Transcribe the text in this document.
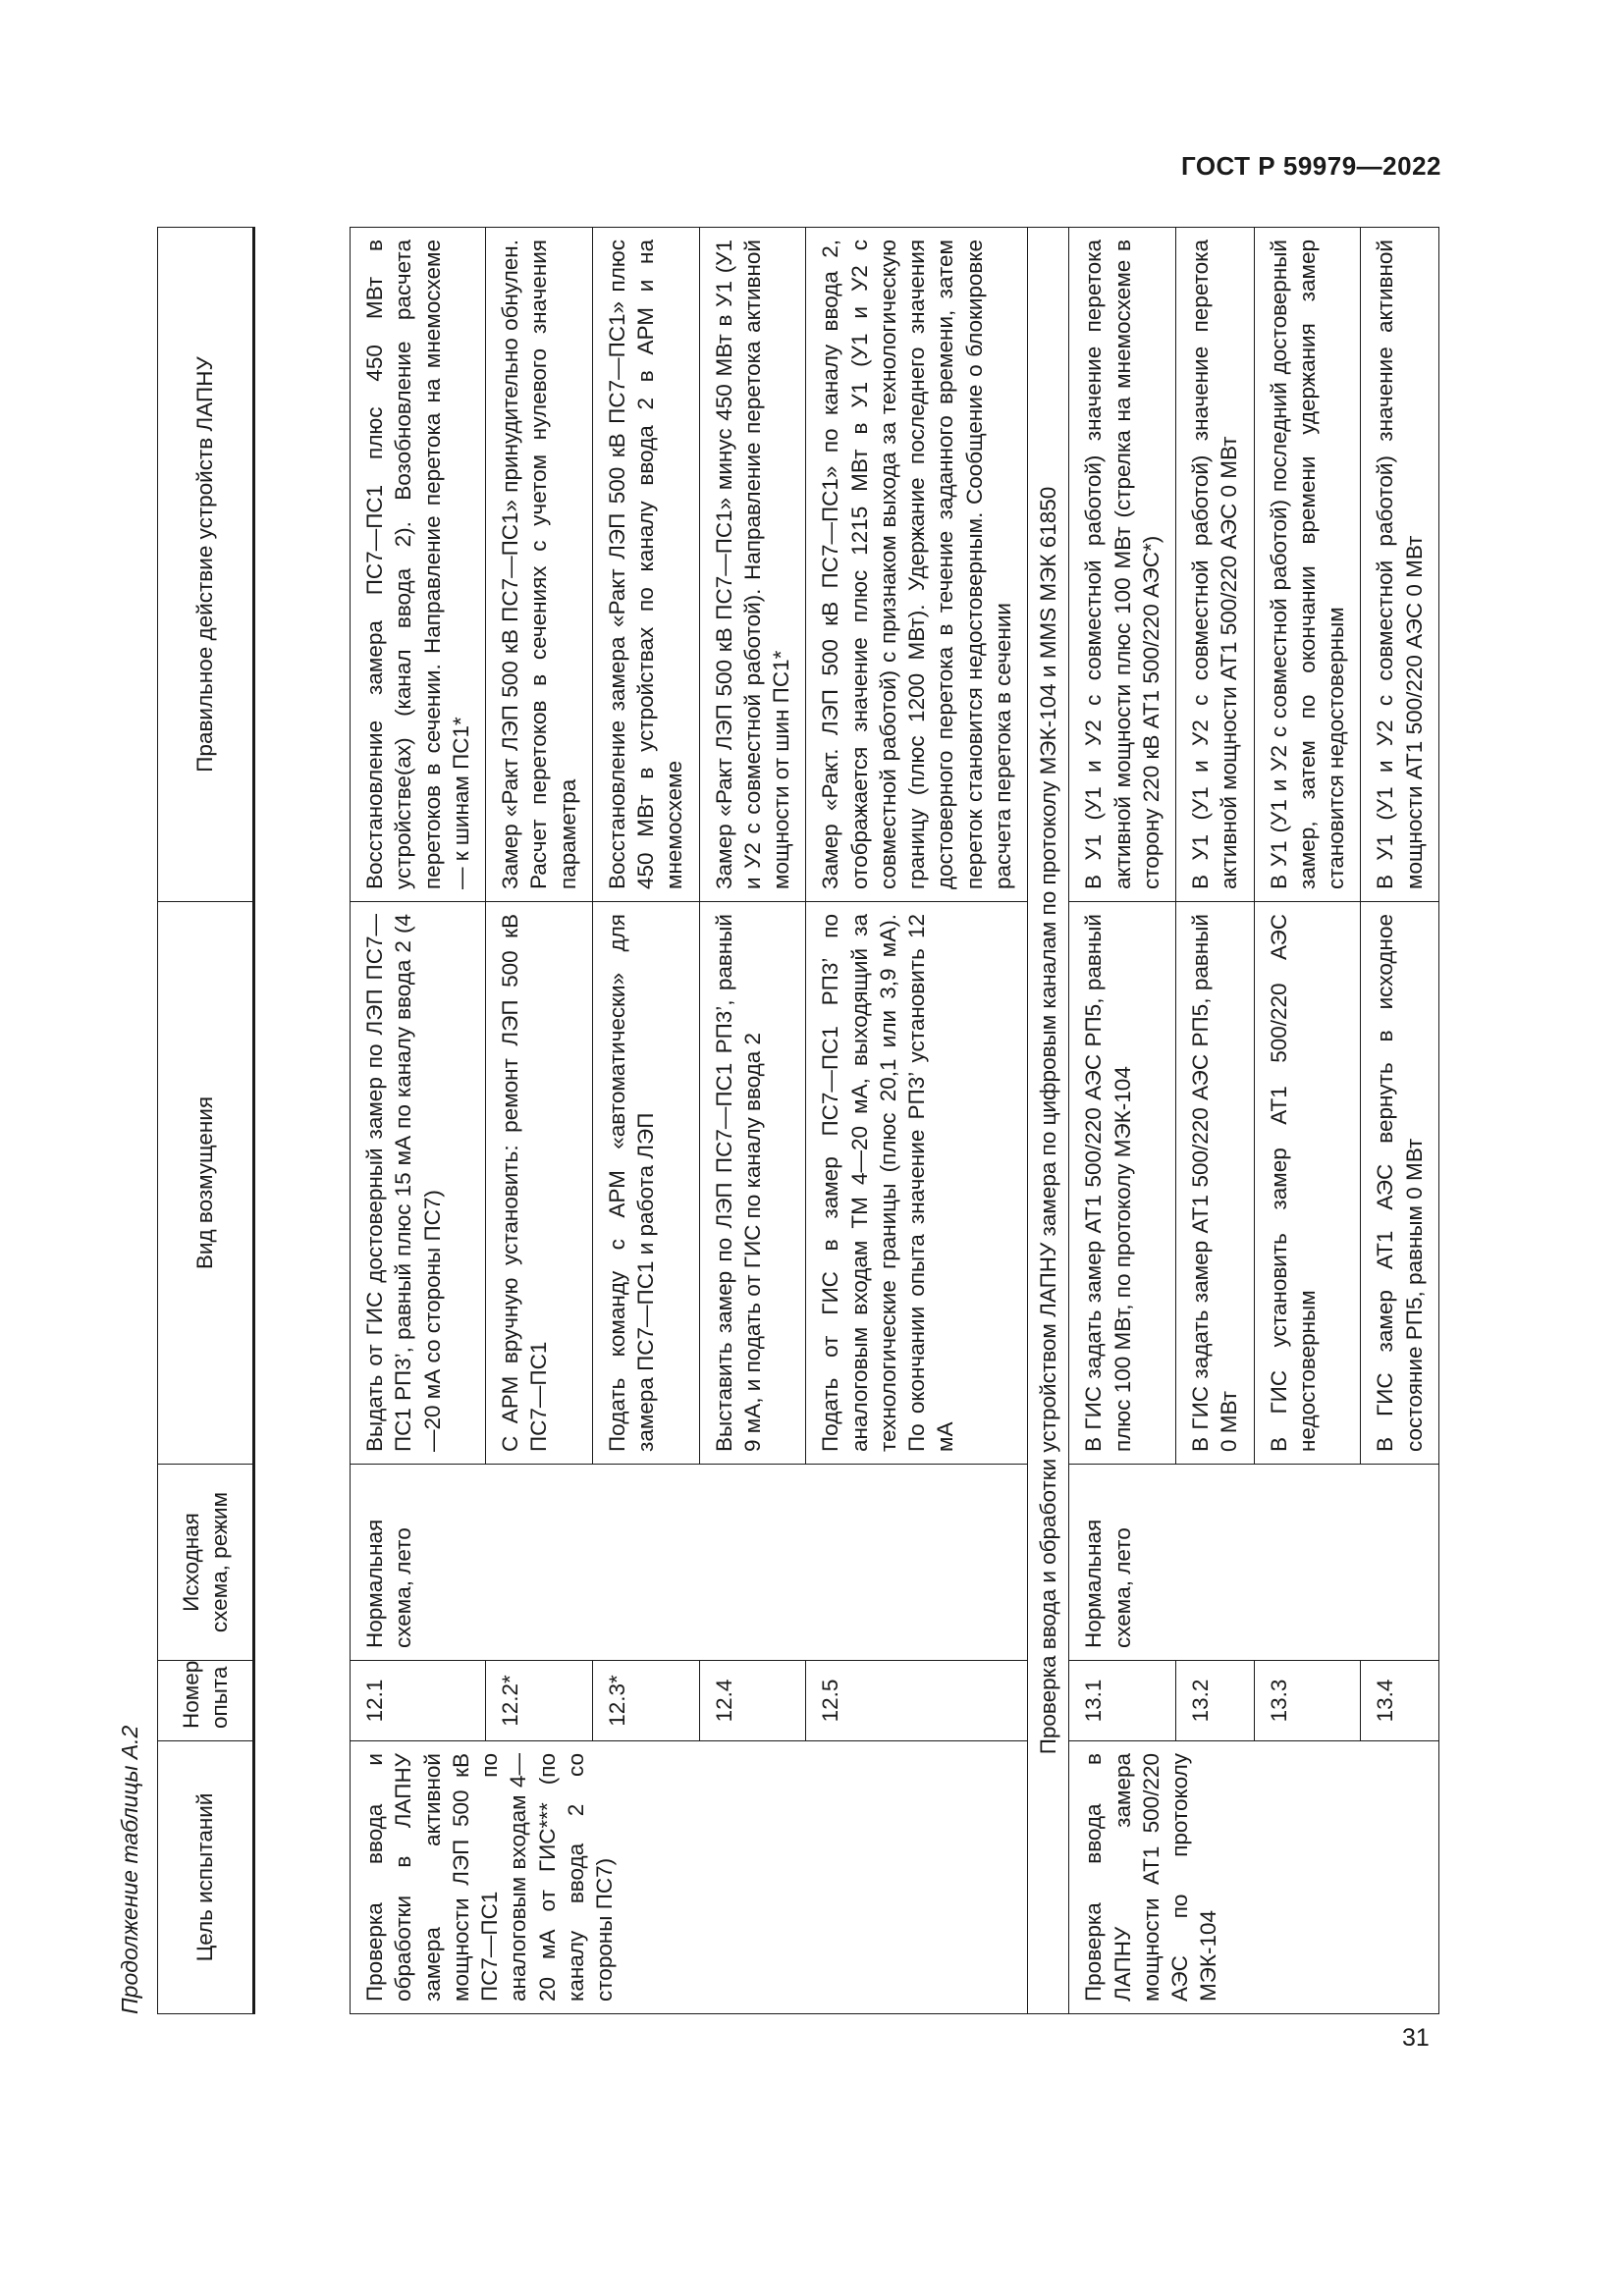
ГОСТ Р 59979—2022
Продолжение таблицы А.2	Цель испытаний	Номер опыта	Исходная схема, режим	Вид возмущения	Правильное действие устройств ЛАПНУ

Проверка ввода и обработки в ЛАПНУ замера активной мощности ЛЭП 500 кВ ПС7—ПС1 по аналоговым входам 4—20 мА от ГИС*** (по каналу ввода 2 со стороны ПС7)	12.1	Нормальная схема, лето	Выдать от ГИС достоверный замер по ЛЭП ПС7—ПС1 РП3’, равный плюс 15 мА по каналу ввода 2 (4—20 мА со стороны ПС7)	Восстановление замера ПС7—ПС1 плюс 450 МВт в устройстве(ах) (канал ввода 2). Возобновление расчета перетоков в сечении. Направление перетока на мнемосхеме — к шинам ПС1*
	12.2*		С АРМ вручную установить: ремонт ЛЭП 500 кВ ПС7—ПС1	Замер «Ракт ЛЭП 500 кВ ПС7—ПС1» принудительно обнулен. Расчет перетоков в сечениях с учетом нулевого значения параметра
	12.3*		Подать команду с АРМ «автоматически» для замера ПС7—ПС1 и работа ЛЭП	Восстановление замера «Ракт ЛЭП 500 кВ ПС7—ПС1» плюс 450 МВт в устройствах по каналу ввода 2 в АРМ и на мнемосхеме
	12.4		Выставить замер по ЛЭП ПС7—ПС1 РП3’, равный 9 мА, и подать от ГИС по каналу ввода 2	Замер «Ракт ЛЭП 500 кВ ПС7—ПС1» минус 450 МВт в У1 (У1 и У2 с совместной работой). Направление перетока активной мощности от шин ПС1*
	12.5		Подать от ГИС в замер ПС7—ПС1 РП3’ по аналоговым входам ТМ 4—20 мА, выходящий за технологические границы (плюс 20,1 или 3,9 мА). По окончании опыта значение РП3’ установить 12 мА	Замер «Ракт. ЛЭП 500 кВ ПС7—ПС1» по каналу ввода 2, отображается значение плюс 1215 МВт в У1 (У1 и У2 с совместной работой) с признаком выхода за технологическую границу (плюс 1200 МВт). Удержание последнего значения достоверного перетока в течение заданного времени, затем переток становится недостоверным. Сообщение о блокировке расчета перетока в сечении
Проверка ввода и обработки устройством ЛАПНУ замера по цифровым каналам по протоколу МЭК-104 и MMS МЭК 61850				
Проверка ввода в ЛАПНУ замера мощности АТ1 500/220 АЭС по протоколу МЭК-104	13.1	Нормальная схема, лето	В ГИС задать замер АТ1 500/220 АЭС РП5, равный плюс 100 МВт, по протоколу МЭК-104	В У1 (У1 и У2 с совместной работой) значение перетока активной мощности плюс 100 МВт (стрелка на мнемосхеме в сторону 220 кВ АТ1 500/220 АЭС*)
	13.2		В ГИС задать замер АТ1 500/220 АЭС РП5, равный 0 МВт	В У1 (У1 и У2 с совместной работой) значение перетока активной мощности АТ1 500/220 АЭС 0 МВт
	13.3		В ГИС установить замер АТ1 500/220 АЭС недостоверным	В У1 (У1 и У2 с совместной работой) последний достоверный замер, затем по окончании времени удержания замер становится недостоверным
	13.4		В ГИС замер АТ1 АЭС вернуть в исходное состояние РП5, равным 0 МВт	В У1 (У1 и У2 с совместной работой) значение активной мощности АТ1 500/220 АЭС 0 МВт
31
